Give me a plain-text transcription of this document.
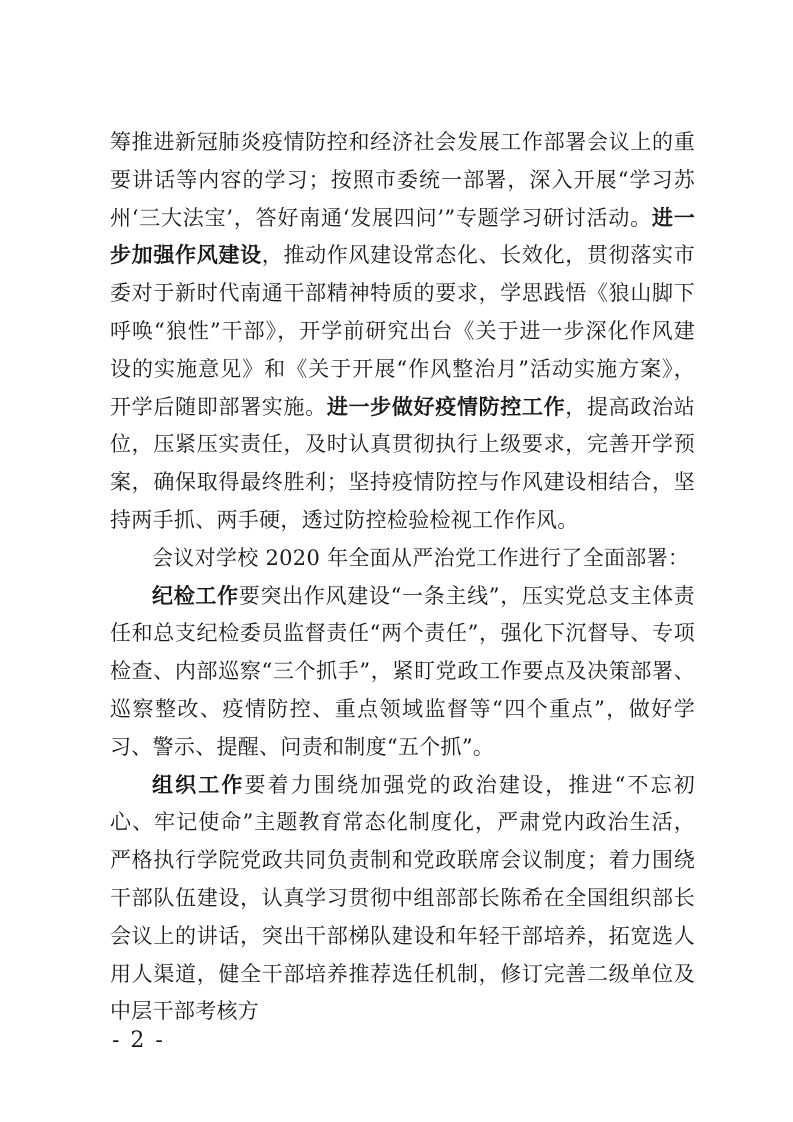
筹推进新冠肺炎疫情防控和经济社会发展工作部署会议上的重要讲话等内容的学习；按照市委统一部署，深入开展“学习苏州‘三大法宝’，答好南通‘发展四问’”专题学习研讨活动。进一步加强作风建设，推动作风建设常态化、长效化，贯彻落实市委对于新时代南通干部精神特质的要求，学思践悟《狼山脚下呼唤“狼性”干部》，开学前研究出台《关于进一步深化作风建设的实施意见》和《关于开展“作风整治月”活动实施方案》，开学后随即部署实施。进一步做好疫情防控工作，提高政治站位，压紧压实责任，及时认真贯彻执行上级要求，完善开学预案，确保取得最终胜利；坚持疫情防控与作风建设相结合，坚持两手抓、两手硬，透过防控检验检视工作作风。

会议对学校 2020 年全面从严治党工作进行了全面部署：

纪检工作要突出作风建设“一条主线”，压实党总支主体责任和总支纪检委员监督责任“两个责任”，强化下沉督导、专项检查、内部巡察“三个抓手”，紧盯党政工作要点及决策部署、巡察整改、疫情防控、重点领域监督等“四个重点”，做好学习、警示、提醒、问责和制度“五个抓”。

组织工作要着力围绕加强党的政治建设，推进“不忘初心、牢记使命”主题教育常态化制度化，严肃党内政治生活，严格执行学院党政共同负责制和党政联席会议制度；着力围绕干部队伍建设，认真学习贯彻中组部部长陈希在全国组织部长会议上的讲话，突出干部梯队建设和年轻干部培养，拓宽选人用人渠道，健全干部培养推荐选任机制，修订完善二级单位及中层干部考核方

- 2 -
